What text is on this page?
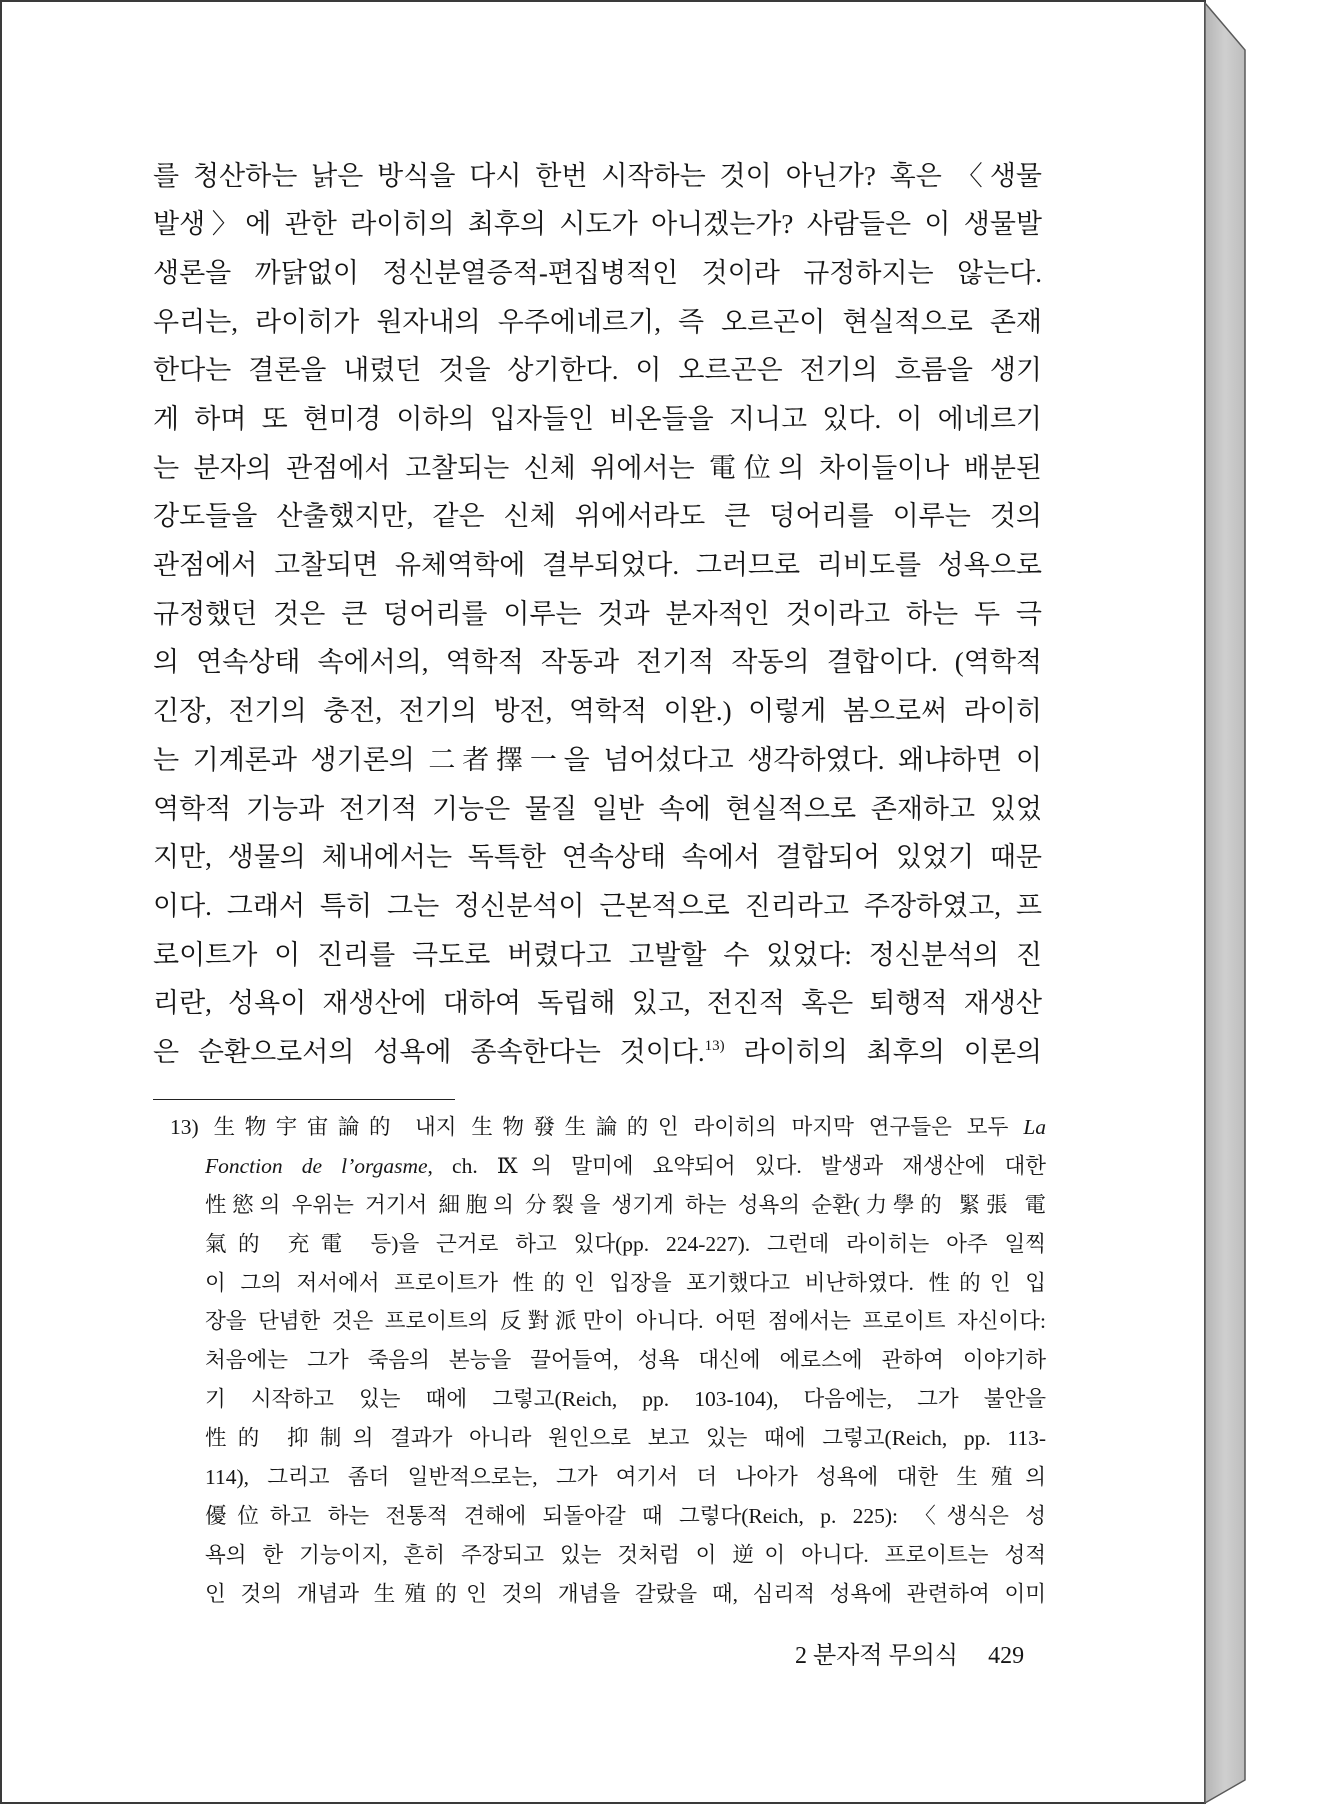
를 청산하는 낡은 방식을 다시 한번 시작하는 것이 아닌가? 혹은 〈생물
발생〉에 관한 라이히의 최후의 시도가 아니겠는가? 사람들은 이 생물발
생론을 까닭없이 정신분열증적-편집병적인 것이라 규정하지는 않는다.
우리는, 라이히가 원자내의 우주에네르기, 즉 오르곤이 현실적으로 존재
한다는 결론을 내렸던 것을 상기한다. 이 오르곤은 전기의 흐름을 생기
게 하며 또 현미경 이하의 입자들인 비온들을 지니고 있다. 이 에네르기
는 분자의 관점에서 고찰되는 신체 위에서는 電位의 차이들이나 배분된
강도들을 산출했지만, 같은 신체 위에서라도 큰 덩어리를 이루는 것의
관점에서 고찰되면 유체역학에 결부되었다. 그러므로 리비도를 성욕으로
규정했던 것은 큰 덩어리를 이루는 것과 분자적인 것이라고 하는 두 극
의 연속상태 속에서의, 역학적 작동과 전기적 작동의 결합이다. (역학적
긴장, 전기의 충전, 전기의 방전, 역학적 이완.) 이렇게 봄으로써 라이히
는 기계론과 생기론의 二者擇一을 넘어섰다고 생각하였다. 왜냐하면 이
역학적 기능과 전기적 기능은 물질 일반 속에 현실적으로 존재하고 있었
지만, 생물의 체내에서는 독특한 연속상태 속에서 결합되어 있었기 때문
이다. 그래서 특히 그는 정신분석이 근본적으로 진리라고 주장하였고, 프
로이트가 이 진리를 극도로 버렸다고 고발할 수 있었다: 정신분석의 진
리란, 성욕이 재생산에 대하여 독립해 있고, 전진적 혹은 퇴행적 재생산
은 순환으로서의 성욕에 종속한다는 것이다.$^{13)}$ 라이히의 최후의 이론의
13) 生物宇宙論的 내지 生物發生論的인 라이히의 마지막 연구들은 모두 La
Fonction de l’orgasme, ch. Ⅸ의 말미에 요약되어 있다. 발생과 재생산에 대한
性慾의 우위는 거기서 細胞의 分裂을 생기게 하는 성욕의 순환(力學的 緊張 電
氣的 充電 등)을 근거로 하고 있다(pp. 224-227). 그런데 라이히는 아주 일찍
이 그의 저서에서 프로이트가 性的인 입장을 포기했다고 비난하였다. 性的인 입
장을 단념한 것은 프로이트의 反對派만이 아니다. 어떤 점에서는 프로이트 자신이다:
처음에는 그가 죽음의 본능을 끌어들여, 성욕 대신에 에로스에 관하여 이야기하
기 시작하고 있는 때에 그렇고(Reich, pp. 103-104), 다음에는, 그가 불안을
性的 抑制의 결과가 아니라 원인으로 보고 있는 때에 그렇고(Reich, pp. 113-
114), 그리고 좀더 일반적으로는, 그가 여기서 더 나아가 성욕에 대한 生殖의
優位하고 하는 전통적 견해에 되돌아갈 때 그렇다(Reich, p. 225): 〈생식은 성
욕의 한 기능이지, 흔히 주장되고 있는 것처럼 이 逆이 아니다. 프로이트는 성적
인 것의 개념과 生殖的인 것의 개념을 갈랐을 때, 심리적 성욕에 관련하여 이미
2 분자적 무의식 429
